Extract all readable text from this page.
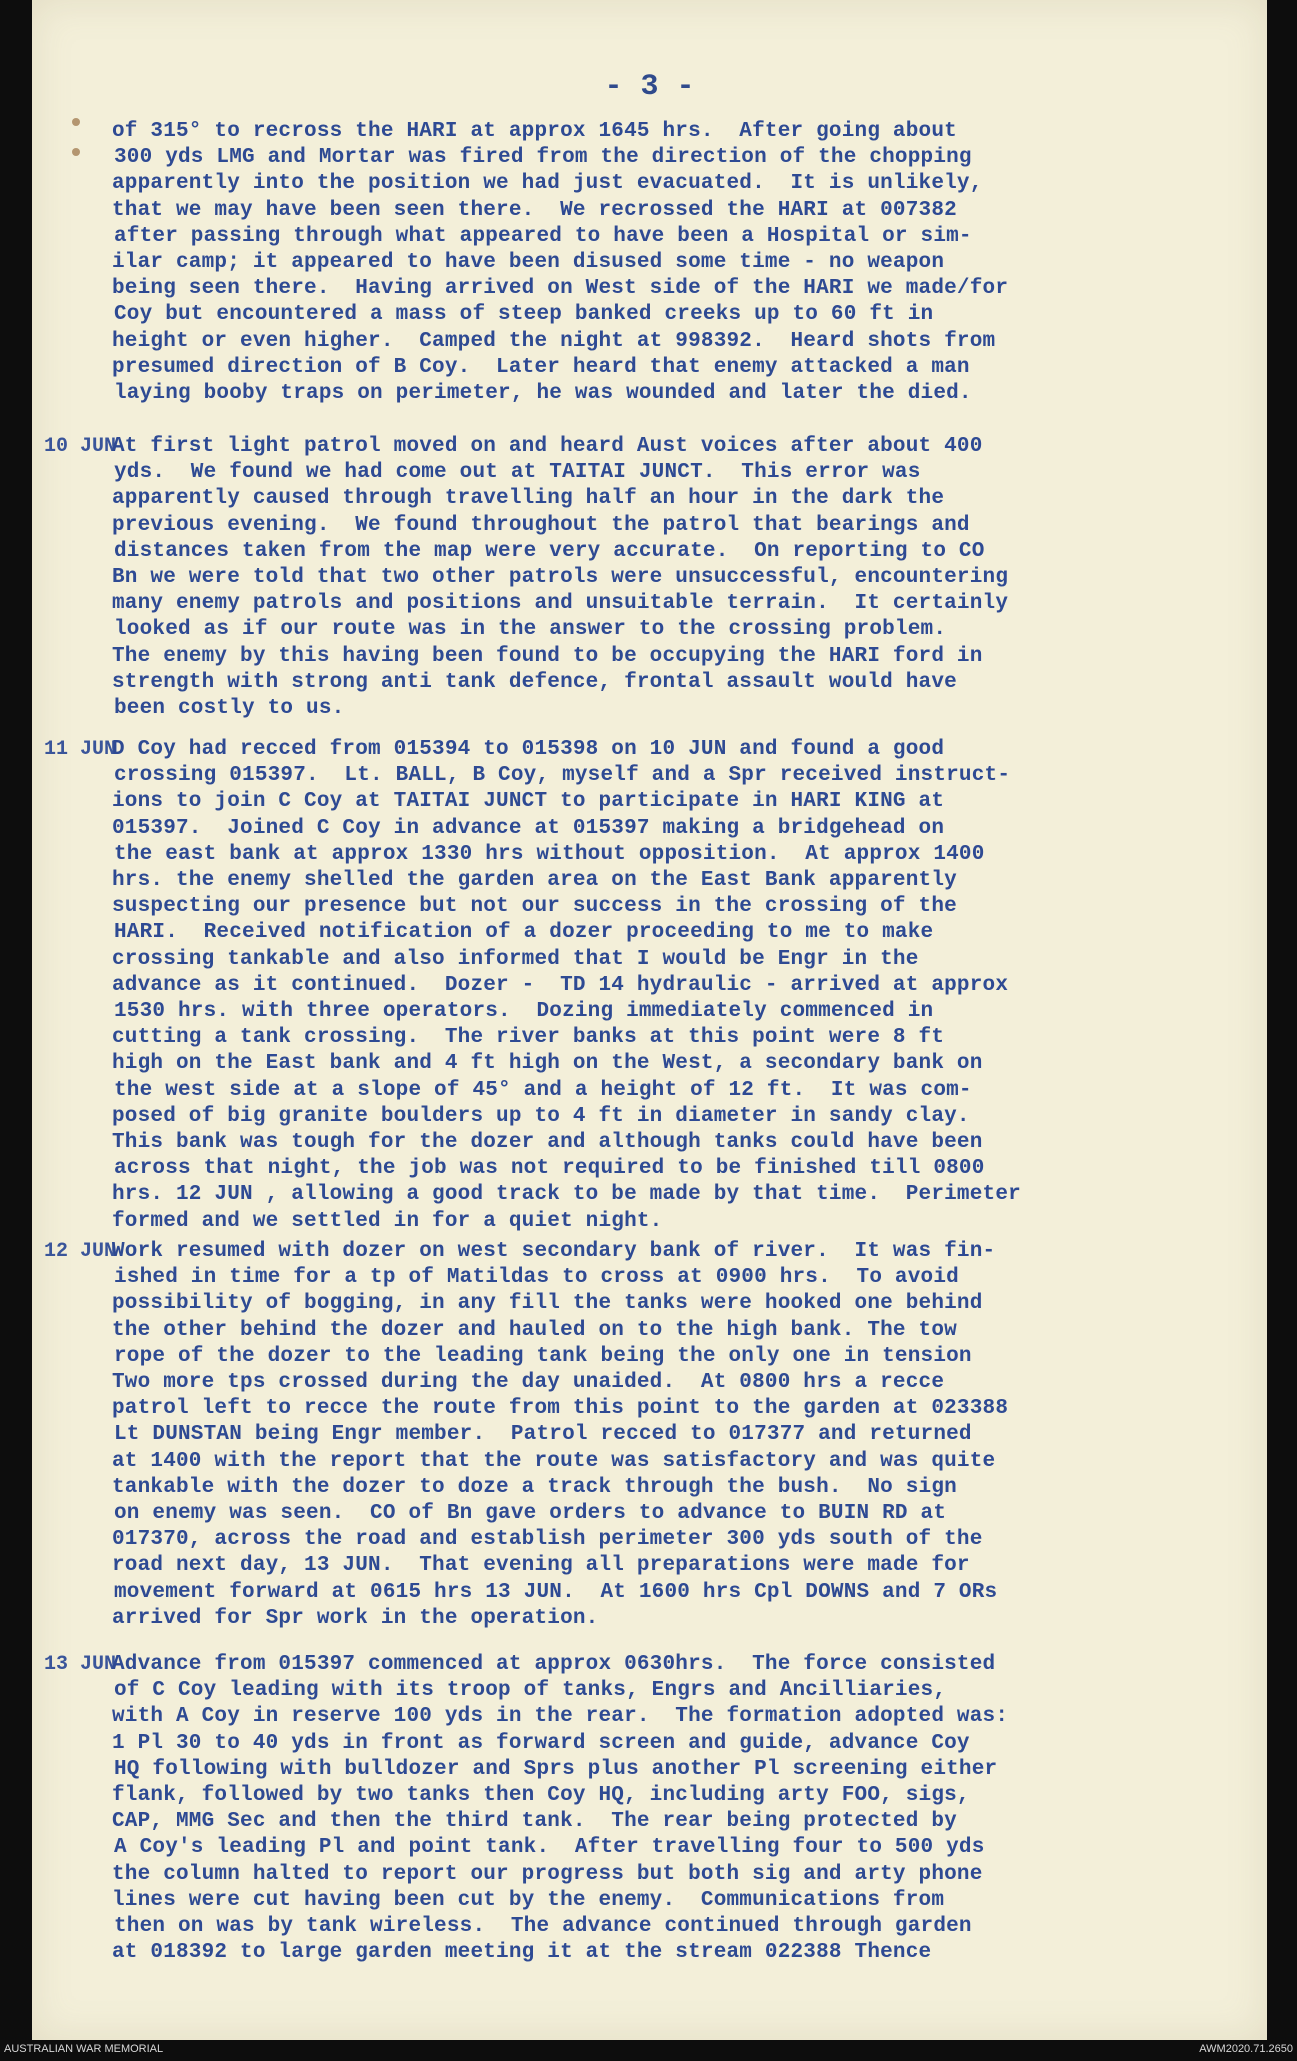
- 3 -
of 315° to recross the HARI at approx 1645 hrs.  After going about
300 yds LMG and Mortar was fired from the direction of the chopping
apparently into the position we had just evacuated.  It is unlikely,
that we may have been seen there.  We recrossed the HARI at 007382
after passing through what appeared to have been a Hospital or sim-
ilar camp; it appeared to have been disused some time - no weapon
being seen there.  Having arrived on West side of the HARI we made/for
Coy but encountered a mass of steep banked creeks up to 60 ft in
height or even higher.  Camped the night at 998392.  Heard shots from
presumed direction of B Coy.  Later heard that enemy attacked a man
laying booby traps on perimeter, he was wounded and later the died.
10 JUN
At first light patrol moved on and heard Aust voices after about 400
yds.  We found we had come out at TAITAI JUNCT.  This error was
apparently caused through travelling half an hour in the dark the
previous evening.  We found throughout the patrol that bearings and
distances taken from the map were very accurate.  On reporting to CO
Bn we were told that two other patrols were unsuccessful, encountering
many enemy patrols and positions and unsuitable terrain.  It certainly
looked as if our route was in the answer to the crossing problem.
The enemy by this having been found to be occupying the HARI ford in
strength with strong anti tank defence, frontal assault would have
been costly to us.
11 JUN
D Coy had recced from 015394 to 015398 on 10 JUN and found a good
crossing 015397.  Lt. BALL, B Coy, myself and a Spr received instruct-
ions to join C Coy at TAITAI JUNCT to participate in HARI KING at
015397.  Joined C Coy in advance at 015397 making a bridgehead on
the east bank at approx 1330 hrs without opposition.  At approx 1400
hrs. the enemy shelled the garden area on the East Bank apparently
suspecting our presence but not our success in the crossing of the
HARI.  Received notification of a dozer proceeding to me to make
crossing tankable and also informed that I would be Engr in the
advance as it continued.  Dozer -  TD 14 hydraulic - arrived at approx
1530 hrs. with three operators.  Dozing immediately commenced in
cutting a tank crossing.  The river banks at this point were 8 ft
high on the East bank and 4 ft high on the West, a secondary bank on
the west side at a slope of 45° and a height of 12 ft.  It was com-
posed of big granite boulders up to 4 ft in diameter in sandy clay.
This bank was tough for the dozer and although tanks could have been
across that night, the job was not required to be finished till 0800
hrs. 12 JUN , allowing a good track to be made by that time.  Perimeter
formed and we settled in for a quiet night.
12 JUN
Work resumed with dozer on west secondary bank of river.  It was fin-
ished in time for a tp of Matildas to cross at 0900 hrs.  To avoid
possibility of bogging, in any fill the tanks were hooked one behind
the other behind the dozer and hauled on to the high bank. The tow
rope of the dozer to the leading tank being the only one in tension
Two more tps crossed during the day unaided.  At 0800 hrs a recce
patrol left to recce the route from this point to the garden at 023388
Lt DUNSTAN being Engr member.  Patrol recced to 017377 and returned
at 1400 with the report that the route was satisfactory and was quite
tankable with the dozer to doze a track through the bush.  No sign
on enemy was seen.  CO of Bn gave orders to advance to BUIN RD at
017370, across the road and establish perimeter 300 yds south of the
road next day, 13 JUN.  That evening all preparations were made for
movement forward at 0615 hrs 13 JUN.  At 1600 hrs Cpl DOWNS and 7 ORs
arrived for Spr work in the operation.
13 JUN
Advance from 015397 commenced at approx 0630hrs.  The force consisted
of C Coy leading with its troop of tanks, Engrs and Ancilliaries,
with A Coy in reserve 100 yds in the rear.  The formation adopted was:
1 Pl 30 to 40 yds in front as forward screen and guide, advance Coy
HQ following with bulldozer and Sprs plus another Pl screening either
flank, followed by two tanks then Coy HQ, including arty FOO, sigs,
CAP, MMG Sec and then the third tank.  The rear being protected by
A Coy's leading Pl and point tank.  After travelling four to 500 yds
the column halted to report our progress but both sig and arty phone
lines were cut having been cut by the enemy.  Communications from
then on was by tank wireless.  The advance continued through garden
at 018392 to large garden meeting it at the stream 022388 Thence
AUSTRALIAN WAR MEMORIAL	AWM2020.71.2650
